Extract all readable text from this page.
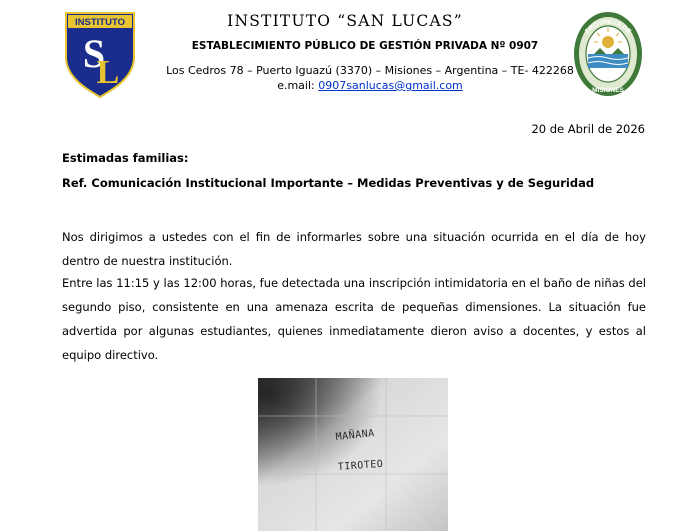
INSTITUTO
S
L
INSTITUTO “SAN LUCAS”
ESTABLECIMIENTO PÚBLICO DE GESTIÓN PRIVADA Nº 0907
Los Cedros 78 – Puerto Iguazú (3370) – Misiones – Argentina – TE- 422268
e.mail: 0907sanlucas@gmail.com
PROVINCIA DE
MISIONES
20 de Abril de 2026
Estimadas familias:
Ref. Comunicación Institucional Importante – Medidas Preventivas y de Seguridad
Nos dirigimos a ustedes con el fin de informarles sobre una situación ocurrida en el día de hoy dentro de nuestra institución.
Entre las 11:15 y las 12:00 horas, fue detectada una inscripción intimidatoria en el baño de niñas del segundo piso, consistente en una amenaza escrita de pequeñas dimensiones. La situación fue advertida por algunas estudiantes, quienes inmediatamente dieron aviso a docentes, y estos al equipo directivo.
MAÑANA
TIROTEO
